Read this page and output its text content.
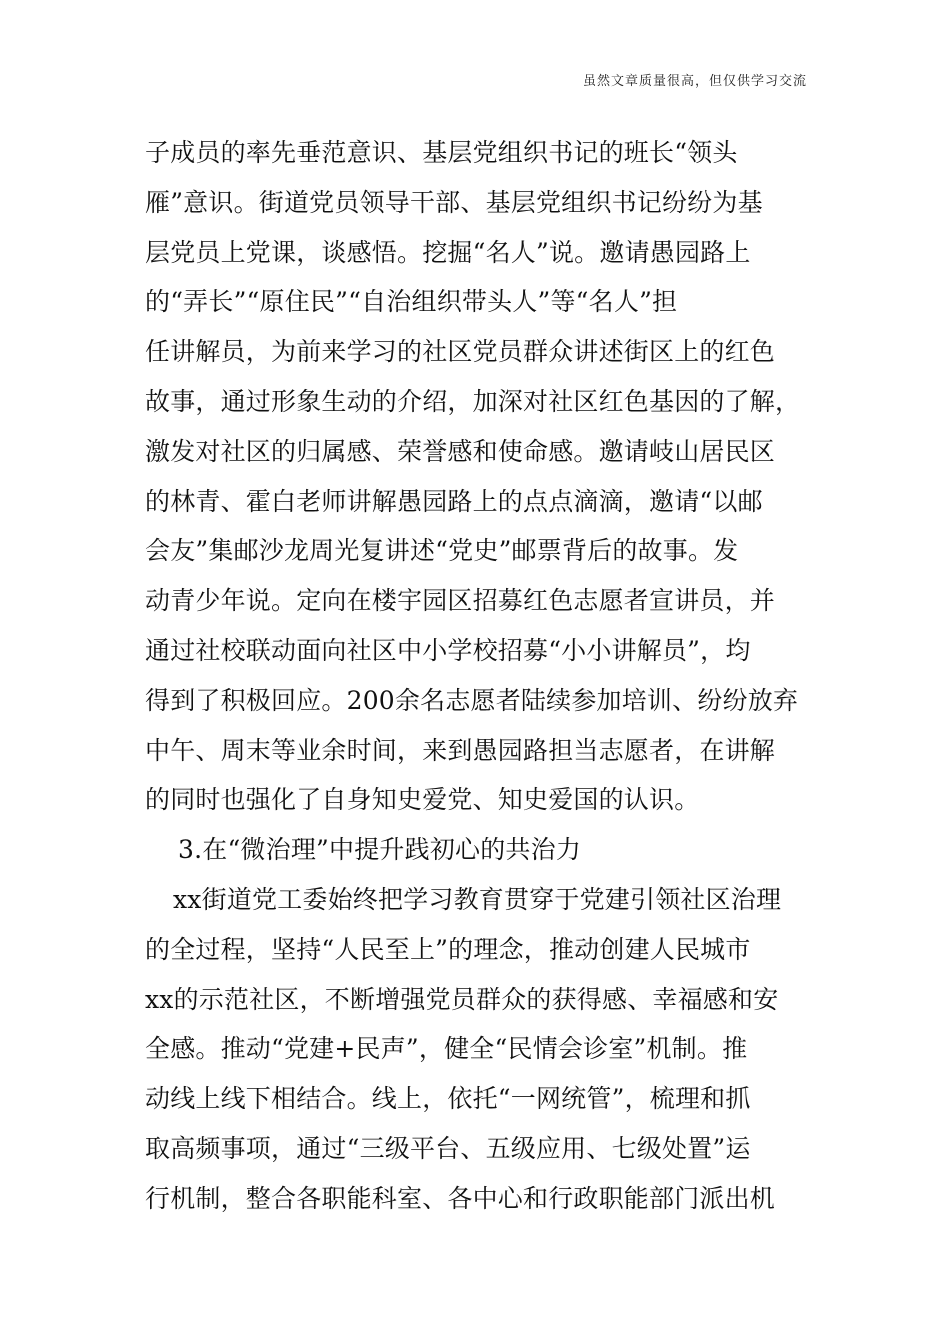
虽然文章质量很高，但仅供学习交流
子成员的率先垂范意识、基层党组织书记的班长“领头
雁”意识。街道党员领导干部、基层党组织书记纷纷为基
层党员上党课，谈感悟。挖掘“名人”说。邀请愚园路上
的“弄长”“原住民”“自治组织带头人”等“名人”担
任讲解员，为前来学习的社区党员群众讲述街区上的红色
故事，通过形象生动的介绍，加深对社区红色基因的了解，
激发对社区的归属感、荣誉感和使命感。邀请岐山居民区
的林青、霍白老师讲解愚园路上的点点滴滴，邀请“以邮
会友”集邮沙龙周光复讲述“党史”邮票背后的故事。发
动青少年说。定向在楼宇园区招募红色志愿者宣讲员，并
通过社校联动面向社区中小学校招募“小小讲解员”，均
得到了积极回应。200余名志愿者陆续参加培训、纷纷放弃
中午、周末等业余时间，来到愚园路担当志愿者，在讲解
的同时也强化了自身知史爱党、知史爱国的认识。
3.在“微治理”中提升践初心的共治力
xx街道党工委始终把学习教育贯穿于党建引领社区治理
的全过程，坚持“人民至上”的理念，推动创建人民城市
xx的示范社区，不断增强党员群众的获得感、幸福感和安
全感。推动“党建+民声”，健全“民情会诊室”机制。推
动线上线下相结合。线上，依托“一网统管”，梳理和抓
取高频事项，通过“三级平台、五级应用、七级处置”运
行机制，整合各职能科室、各中心和行政职能部门派出机
